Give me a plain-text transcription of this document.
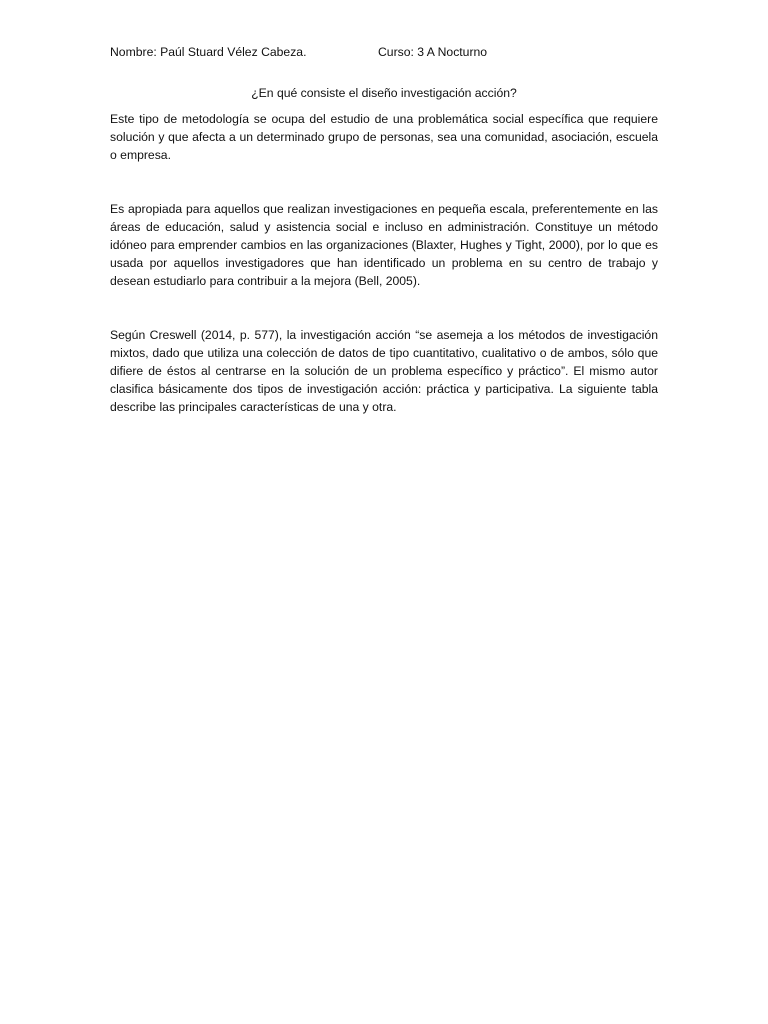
Nombre: Paúl Stuard Vélez Cabeza.	Curso: 3 A Nocturno
¿En qué consiste el diseño investigación acción?

Este tipo de metodología se ocupa del estudio de una problemática social específica que requiere solución y que afecta a un determinado grupo de personas, sea una comunidad, asociación, escuela o empresa.

Es apropiada para aquellos que realizan investigaciones en pequeña escala, preferentemente en las áreas de educación, salud y asistencia social e incluso en administración. Constituye un método idóneo para emprender cambios en las organizaciones (Blaxter, Hughes y Tight, 2000), por lo que es usada por aquellos investigadores que han identificado un problema en su centro de trabajo y desean estudiarlo para contribuir a la mejora (Bell, 2005).

Según Creswell (2014, p. 577), la investigación acción “se asemeja a los métodos de investigación mixtos, dado que utiliza una colección de datos de tipo cuantitativo, cualitativo o de ambos, sólo que difiere de éstos al centrarse en la solución de un problema específico y práctico”. El mismo autor clasifica básicamente dos tipos de investigación acción: práctica y participativa. La siguiente tabla describe las principales características de una y otra.
